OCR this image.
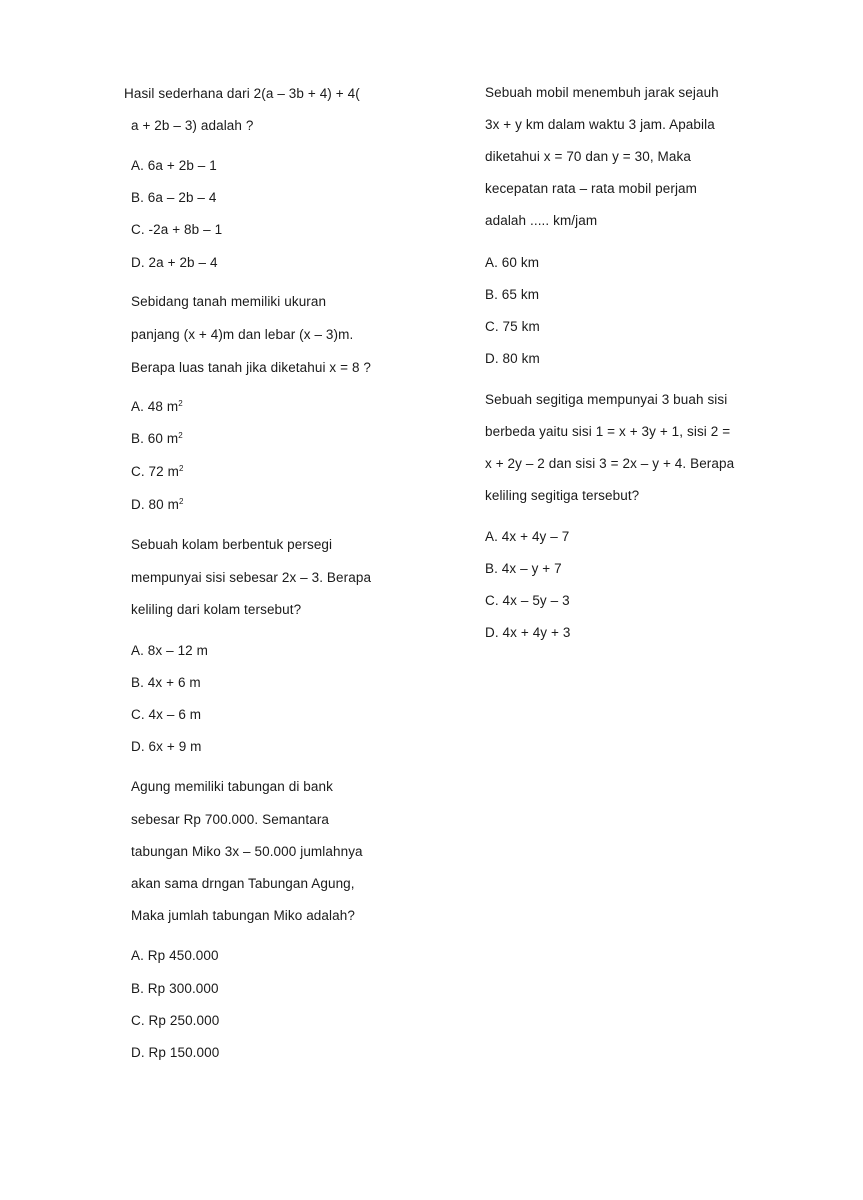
Hasil sederhana dari 2(a – 3b + 4) + 4(
a + 2b – 3) adalah ?
A. 6a + 2b – 1
B. 6a – 2b – 4
C. -2a + 8b – 1
D. 2a + 2b – 4
Sebidang tanah memiliki ukuran
panjang (x + 4)m dan lebar (x – 3)m.
Berapa luas tanah jika diketahui x = 8 ?
A. 48 $m^2$
B. 60 $m^2$
C. 72 $m^2$
D. 80 $m^2$
Sebuah kolam berbentuk persegi
mempunyai sisi sebesar 2x – 3. Berapa
keliling dari kolam tersebut?
A. 8x – 12 m
B. 4x + 6 m
C. 4x – 6 m
D. 6x + 9 m
Agung memiliki tabungan di bank
sebesar Rp 700.000. Semantara
tabungan Miko 3x – 50.000 jumlahnya
akan sama drngan Tabungan Agung,
Maka jumlah tabungan Miko adalah?
A. Rp 450.000
B. Rp 300.000
C. Rp 250.000
D. Rp 150.000
Sebuah mobil menembuh jarak sejauh
3x + y km dalam waktu 3 jam. Apabila
diketahui x = 70 dan y = 30, Maka
kecepatan rata – rata mobil perjam
adalah ..... km/jam
A. 60 km
B. 65 km
C. 75 km
D. 80 km
Sebuah segitiga mempunyai 3 buah sisi
berbeda yaitu sisi 1 = x + 3y + 1, sisi 2 =
x + 2y – 2 dan sisi 3 = 2x – y + 4. Berapa
keliling segitiga tersebut?
A. 4x + 4y – 7
B. 4x – y + 7
C. 4x – 5y – 3
D. 4x + 4y + 3
